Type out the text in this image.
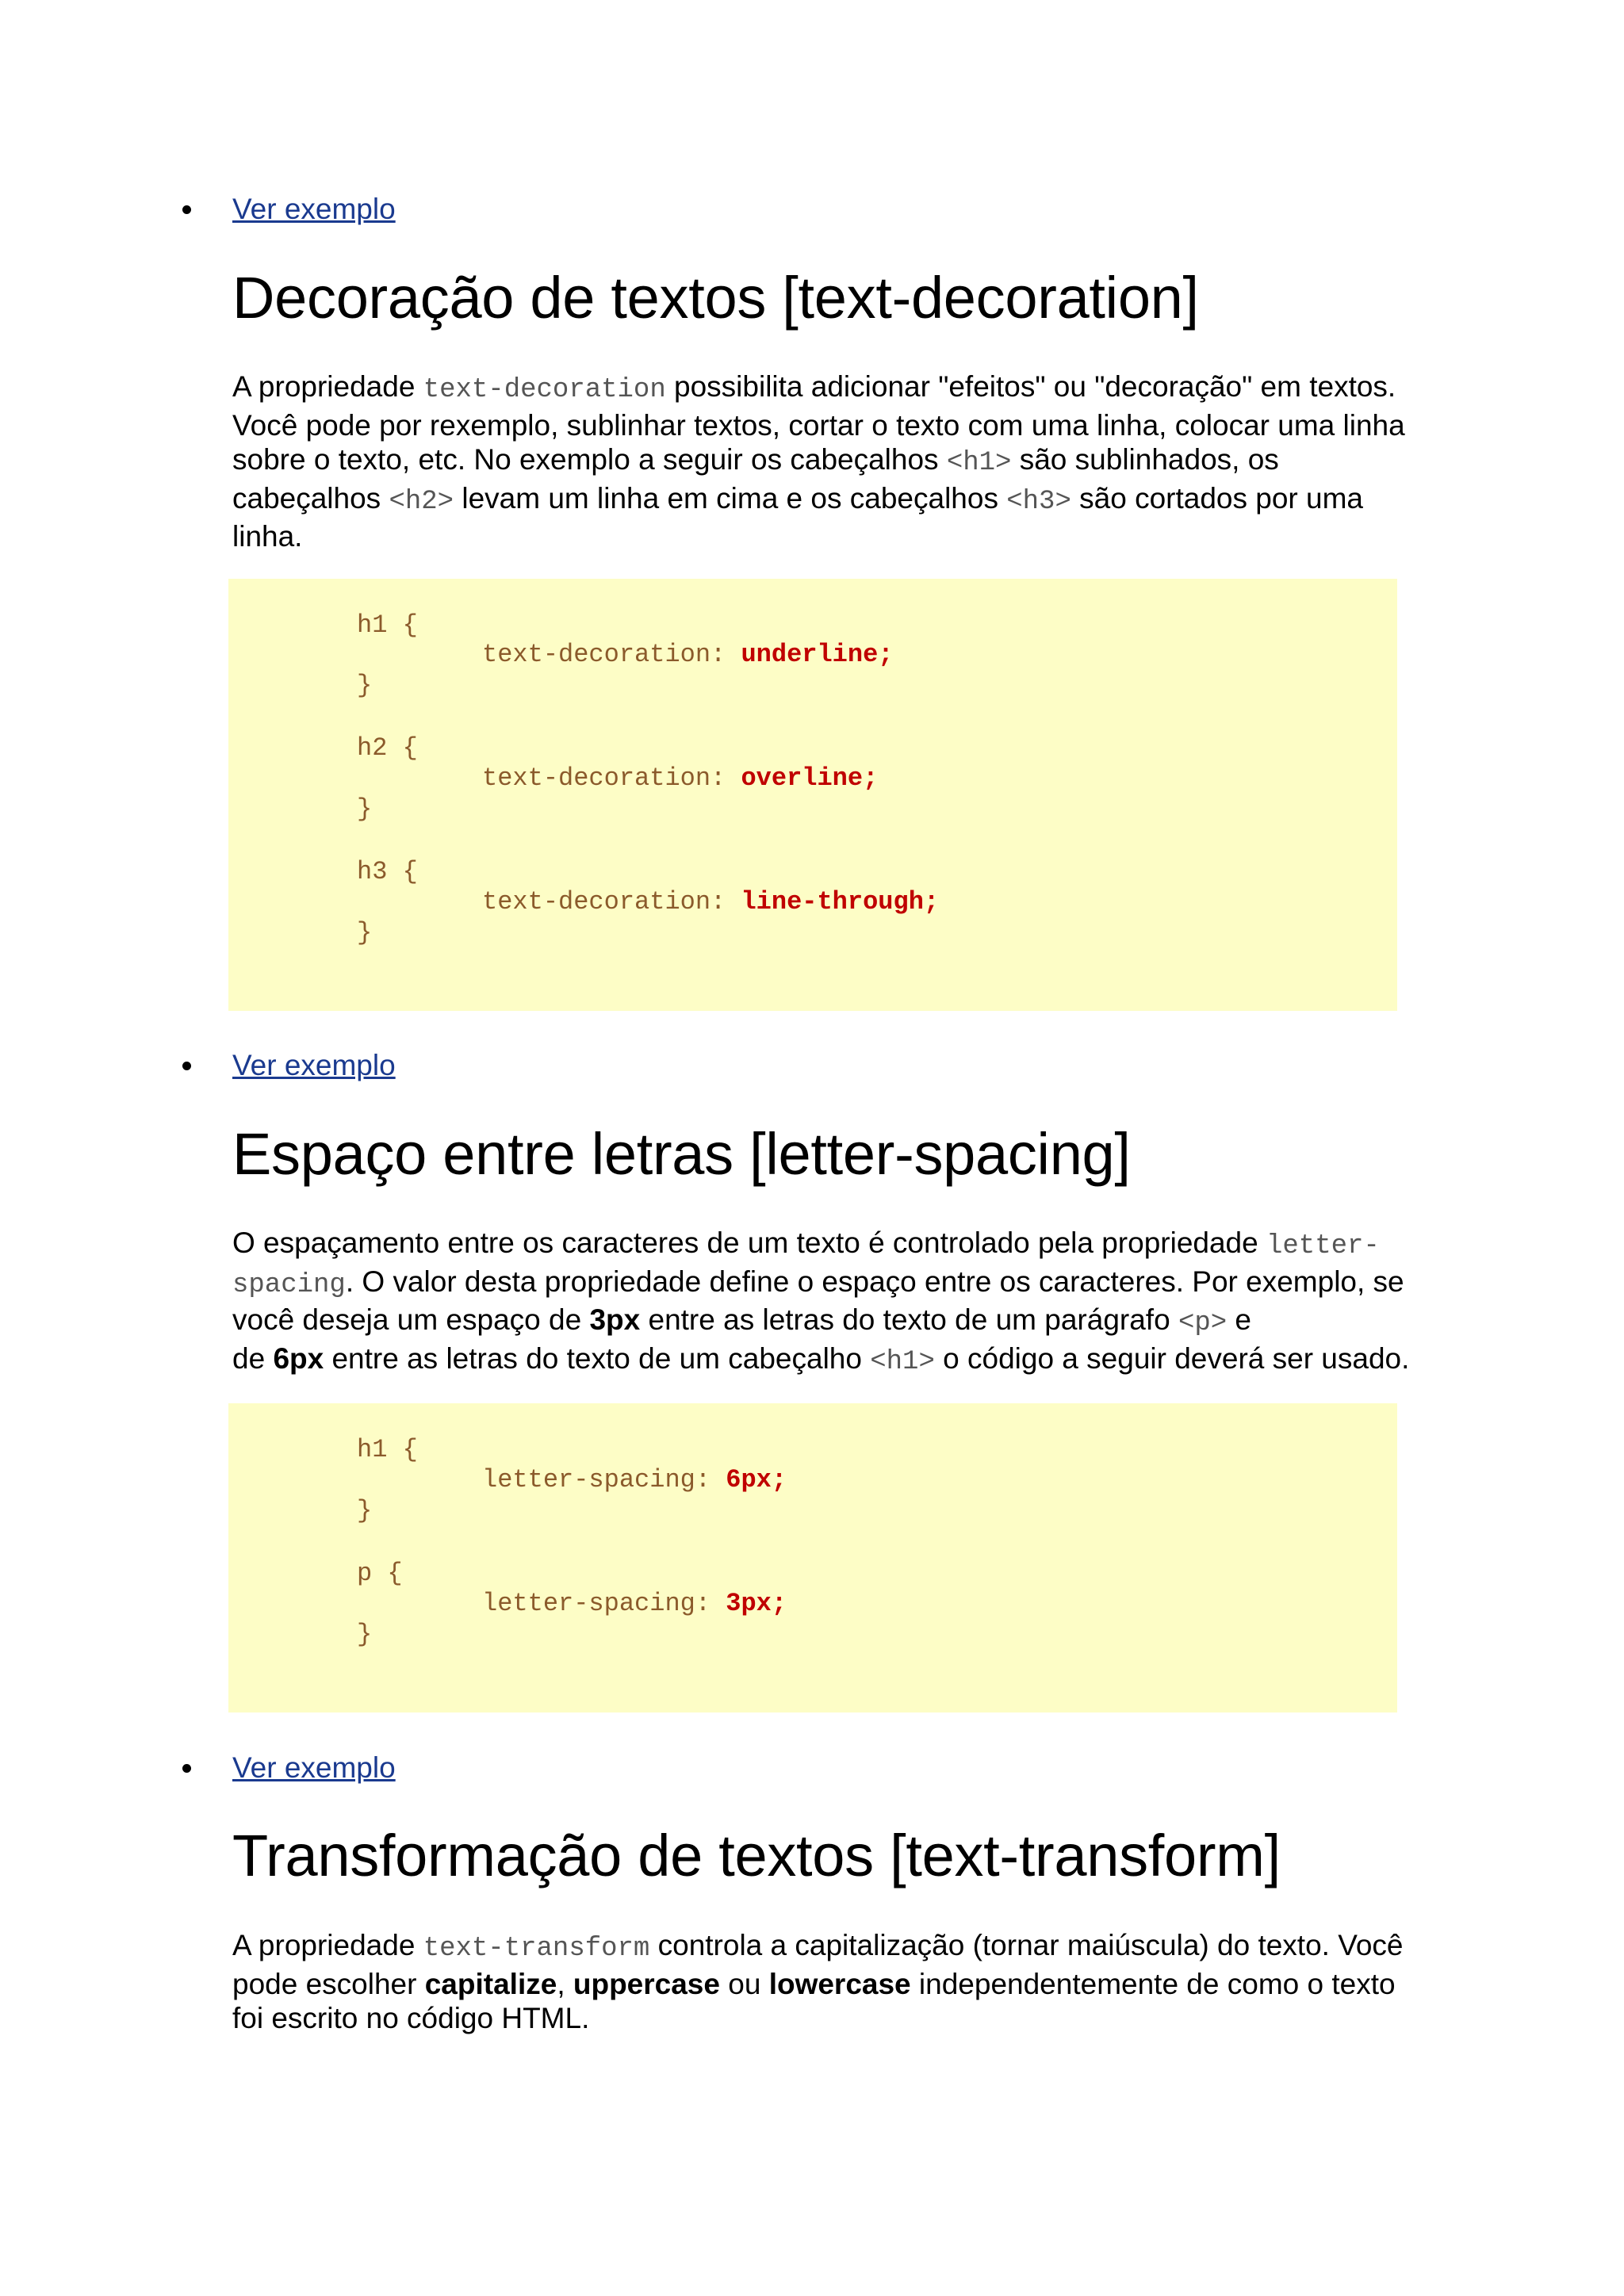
Ver exemplo
Decoração de textos [text-decoration]

A propriedade text-decoration possibilita adicionar "efeitos" ou "decoração" em textos.
Você pode por rexemplo, sublinhar textos, cortar o texto com uma linha, colocar uma linha
sobre o texto, etc. No exemplo a seguir os cabeçalhos <h1> são sublinhados, os
cabeçalhos <h2> levam um linha em cima e os cabeçalhos <h3> são cortados por uma
linha.

h1 {
text-decoration: underline;
}
h2 {
text-decoration: overline;
}
h3 {
text-decoration: line-through;
}
Ver exemplo
Espaço entre letras [letter-spacing]

O espaçamento entre os caracteres de um texto é controlado pela propriedade letter-
spacing. O valor desta propriedade define o espaço entre os caracteres. Por exemplo, se
você deseja um espaço de 3px entre as letras do texto de um parágrafo <p> e
de 6px entre as letras do texto de um cabeçalho <h1> o código a seguir deverá ser usado.

h1 {
letter-spacing: 6px;
}
p {
letter-spacing: 3px;
}
Ver exemplo
Transformação de textos [text-transform]

A propriedade text-transform controla a capitalização (tornar maiúscula) do texto. Você
pode escolher capitalize, uppercase ou lowercase independentemente de como o texto
foi escrito no código HTML.
